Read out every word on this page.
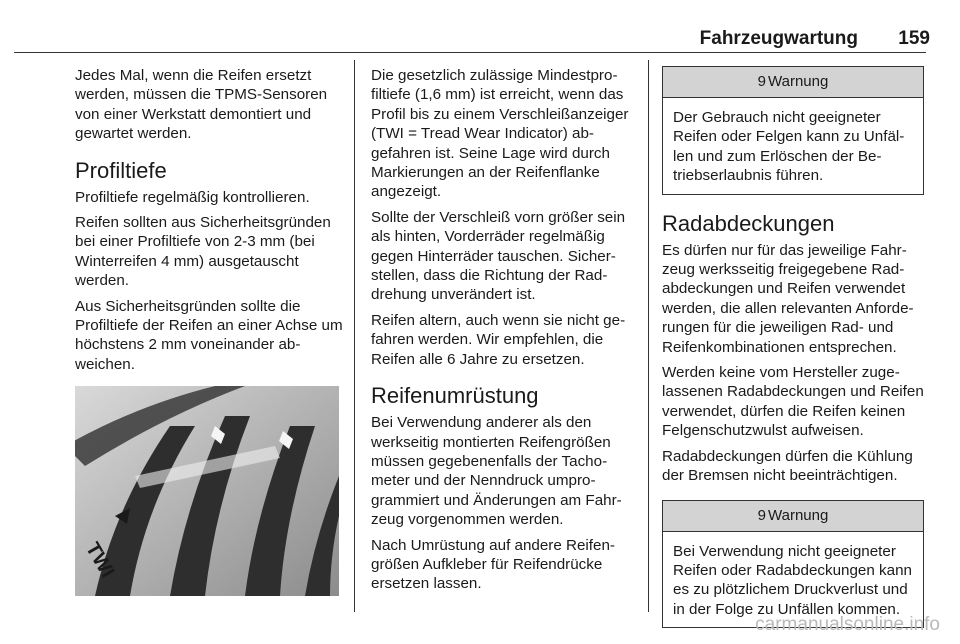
Fahrzeugwartung 159

Jedes Mal, wenn die Reifen ersetzt werden, müssen die TPMS-Sensoren von einer Werkstatt demontiert und gewartet werden.

Profiltiefe

Profiltiefe regelmäßig kontrollieren.

Reifen sollten aus Sicherheitsgründen bei einer Profiltiefe von 2-3 mm (bei Winterreifen 4 mm) ausgetauscht werden.

Aus Sicherheitsgründen sollte die Profiltiefe der Reifen an einer Achse um höchstens 2 mm voneinander abweichen.

TWI

Die gesetzlich zulässige Mindestprofiltiefe (1,6 mm) ist erreicht, wenn das Profil bis zu einem Verschleißanzeiger (TWI = Tread Wear Indicator) abgefahren ist. Seine Lage wird durch Markierungen an der Reifenflanke angezeigt.

Sollte der Verschleiß vorn größer sein als hinten, Vorderräder regelmäßig gegen Hinterräder tauschen. Sicherstellen, dass die Richtung der Raddrehung unverändert ist.

Reifen altern, auch wenn sie nicht gefahren werden. Wir empfehlen, die Reifen alle 6 Jahre zu ersetzen.

Reifenumrüstung

Bei Verwendung anderer als den werkseitig montierten Reifengrößen müssen gegebenenfalls der Tachometer und der Nenndruck umprogrammiert und Änderungen am Fahrzeug vorgenommen werden.

Nach Umrüstung auf andere Reifengrößen Aufkleber für Reifendrücke ersetzen lassen.

9 Warnung
Der Gebrauch nicht geeigneter Reifen oder Felgen kann zu Unfällen und zum Erlöschen der Betriebserlaubnis führen.
Radabdeckungen

Es dürfen nur für das jeweilige Fahrzeug werksseitig freigegebene Radabdeckungen und Reifen verwendet werden, die allen relevanten Anforderungen für die jeweiligen Rad- und Reifenkombinationen entsprechen.

Werden keine vom Hersteller zugelassenen Radabdeckungen und Reifen verwendet, dürfen die Reifen keinen Felgenschutzwulst aufweisen.

Radabdeckungen dürfen die Kühlung der Bremsen nicht beeinträchtigen.

9 Warnung
Bei Verwendung nicht geeigneter Reifen oder Radabdeckungen kann es zu plötzlichem Druckverlust und in der Folge zu Unfällen kommen.
carmanualsonline.info
